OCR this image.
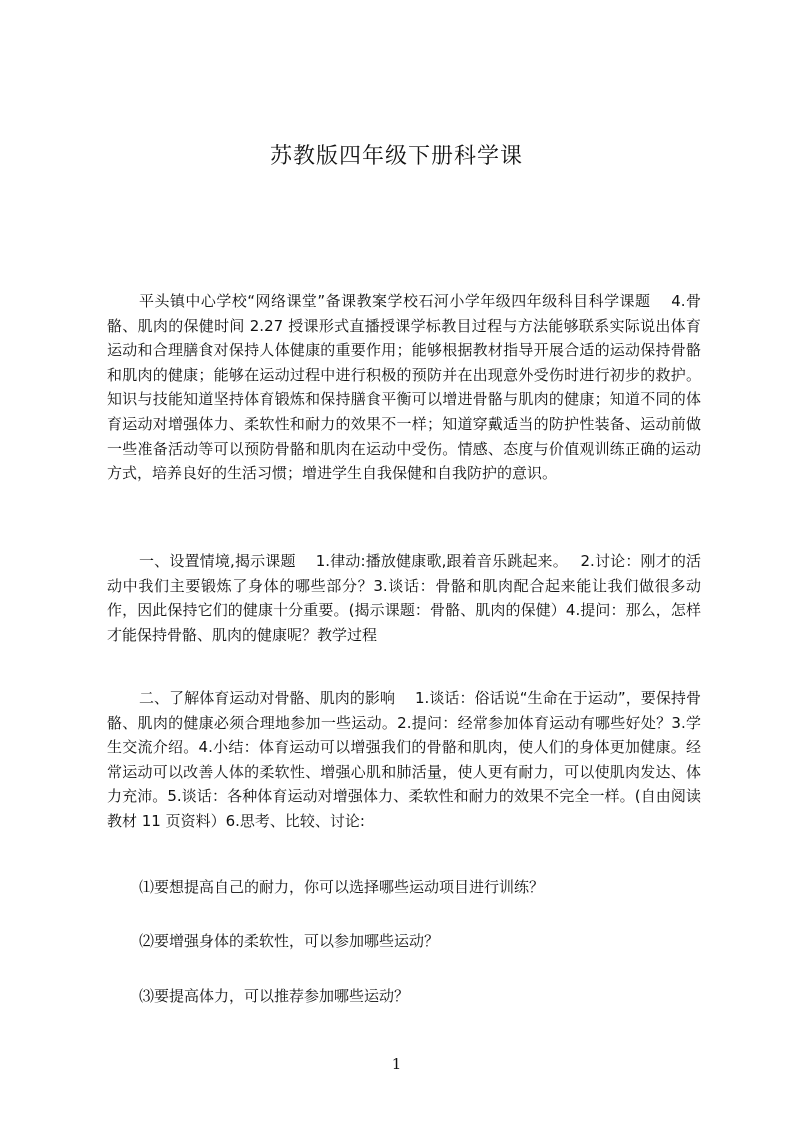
苏教版四年级下册科学课

平头镇中心学校“网络课堂”备课教案学校石河小学年级四年级科目科学课题　 4.骨骼、肌肉的保健时间 2.27 授课形式直播授课学标教目过程与方法能够联系实际说出体育运动和合理膳食对保持人体健康的重要作用；能够根据教材指导开展合适的运动保持骨骼和肌肉的健康；能够在运动过程中进行积极的预防并在出现意外受伤时进行初步的救护。知识与技能知道坚持体育锻炼和保持膳食平衡可以增进骨骼与肌肉的健康；知道不同的体育运动对增强体力、柔软性和耐力的效果不一样；知道穿戴适当的防护性装备、运动前做一些准备活动等可以预防骨骼和肌肉在运动中受伤。情感、态度与价值观训练正确的运动方式，培养良好的生活习惯；增进学生自我保健和自我防护的意识。

一、设置情境,揭示课题　 1.律动:播放健康歌,跟着音乐跳起来。　 2.讨论：刚才的活动中我们主要锻炼了身体的哪些部分？3.谈话：骨骼和肌肉配合起来能让我们做很多动作，因此保持它们的健康十分重要。(揭示课题：骨骼、肌肉的保健）4.提问：那么，怎样才能保持骨骼、肌肉的健康呢？教学过程

二、了解体育运动对骨骼、肌肉的影响　 1.谈话：俗话说“生命在于运动”，要保持骨骼、肌肉的健康必须合理地参加一些运动。2.提问：经常参加体育运动有哪些好处？3.学生交流介绍。4.小结：体育运动可以增强我们的骨骼和肌肉，使人们的身体更加健康。经常运动可以改善人体的柔软性、增强心肌和肺活量，使人更有耐力，可以使肌肉发达、体力充沛。5.谈话：各种体育运动对增强体力、柔软性和耐力的效果不完全一样。(自由阅读教材 11 页资料）6.思考、比较、讨论:

⑴要想提高自己的耐力，你可以选择哪些运动项目进行训练？

⑵要增强身体的柔软性，可以参加哪些运动？

⑶要提高体力，可以推荐参加哪些运动？

1
